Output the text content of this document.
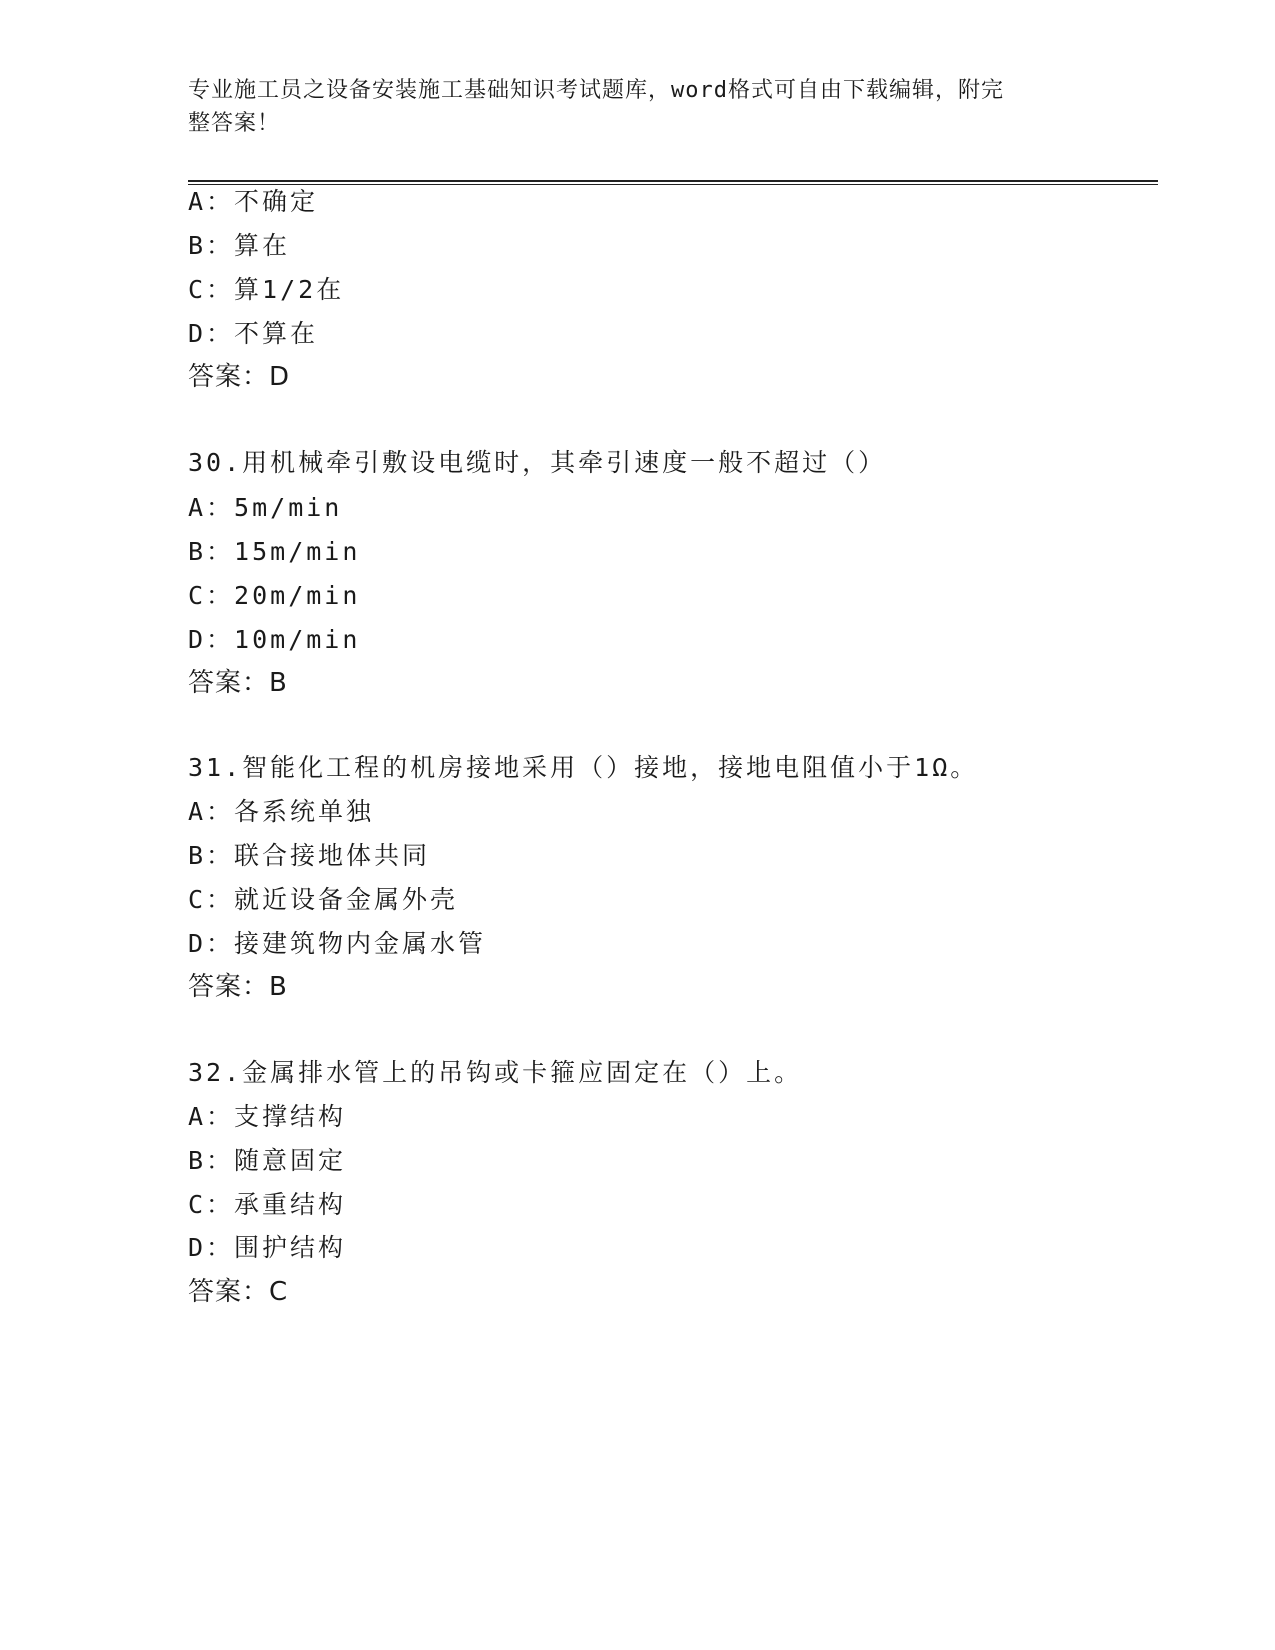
专业施工员之设备安装施工基础知识考试题库，word格式可自由下载编辑，附完
整答案！
A：不确定
B：算在
C：算1/2在
D：不算在
答案：D
30.用机械牵引敷设电缆时，其牵引速度一般不超过（）
A：5m/min
B：15m/min
C：20m/min
D：10m/min
答案：B
31.智能化工程的机房接地采用（）接地，接地电阻值小于1Ω。
A：各系统单独
B：联合接地体共同
C：就近设备金属外壳
D：接建筑物内金属水管
答案：B
32.金属排水管上的吊钩或卡箍应固定在（）上。
A：支撑结构
B：随意固定
C：承重结构
D：围护结构
答案：C
